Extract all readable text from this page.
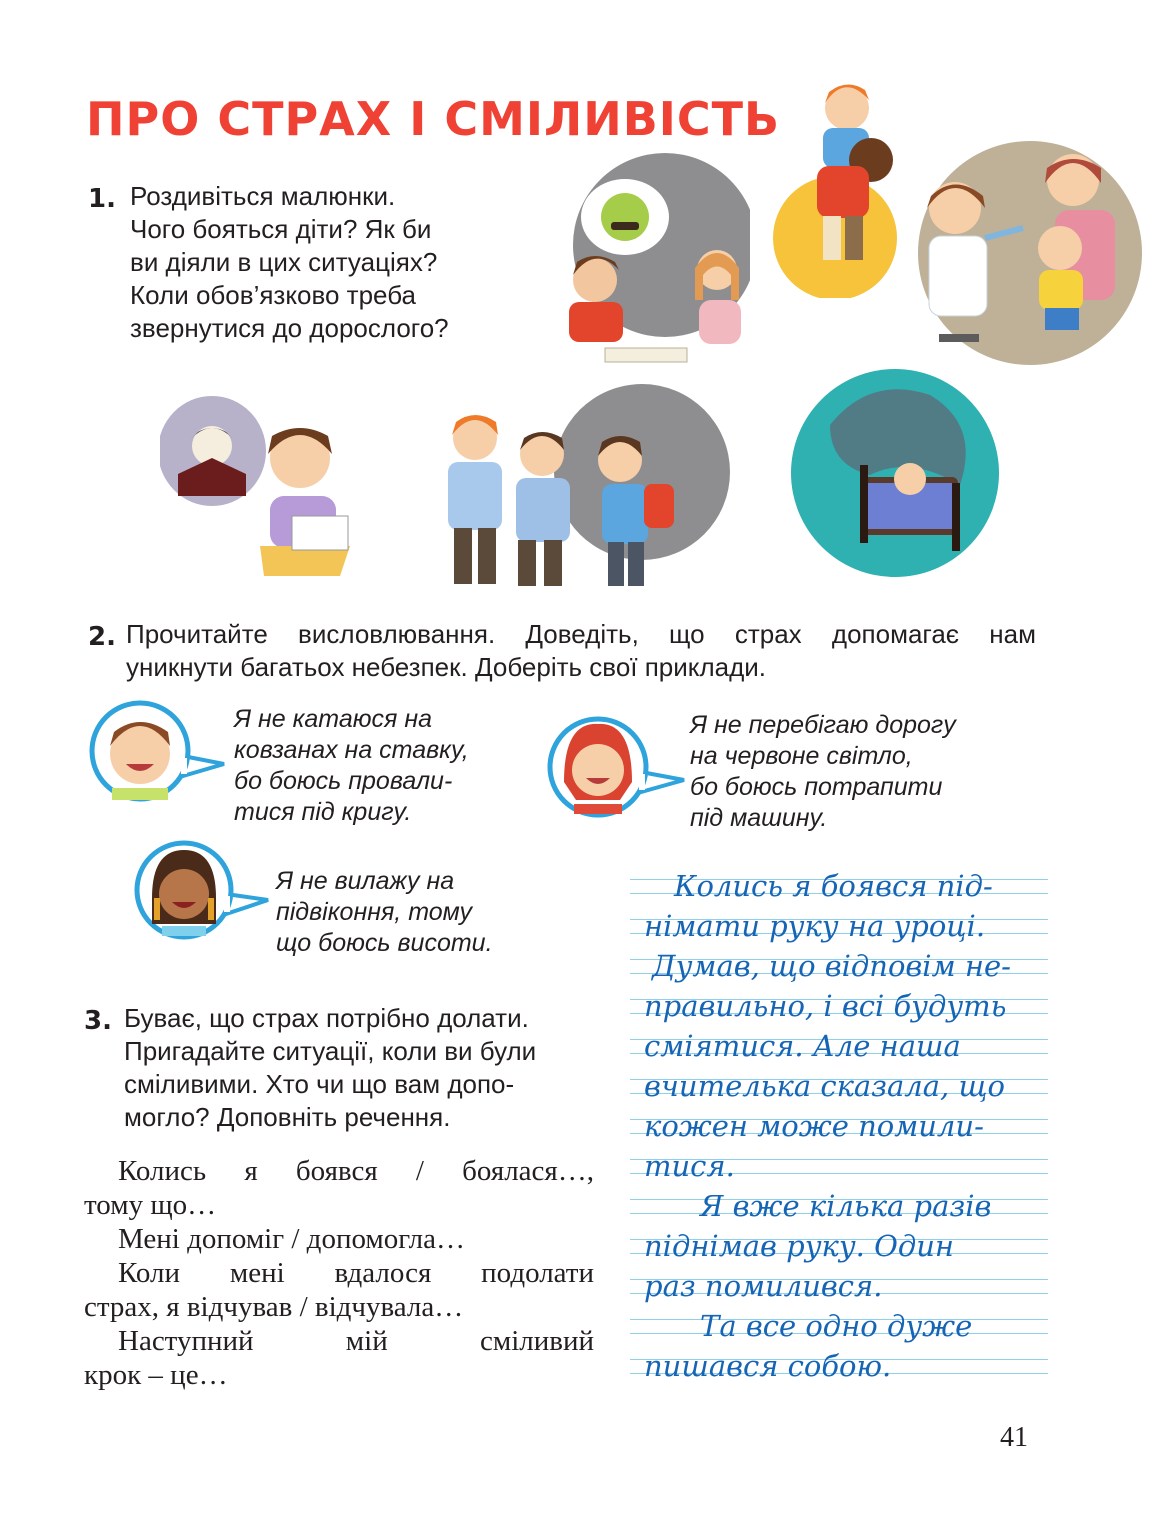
ПРО СТРАХ І СМІЛИВІСТЬ
1. Роздивіться малюнки.
Чого бояться діти? Як би
ви діяли в цих ситуаціях?
Коли обов’язково треба
звернутися до дорослого?
2. Прочитайте висловлювання. Доведіть, що страх допомагає нам
уникнути багатьох небезпек. Доберіть свої приклади.
Я не катаюся на
ковзанах на ставку,
бо боюсь провали-
тися під кригу.
Я не перебігаю дорогу
на червоне світло,
бо боюсь потрапити
під машину.
Я не вилажу на
підвіконня, тому
що боюсь висоти.
3. Буває, що страх потрібно долати.
Пригадайте ситуації, коли ви були
сміливими. Хто чи що вам допо-
могло? Доповніть речення.
Колись я боявся / боялася…,
тому що…
Мені допоміг / допомогла…
Коли мені вдалося подолати
страх, я відчував / відчувала…
Наступний мій сміливий
крок – це…
Колись я боявся під-
німати руку на уроці.
Думав, що відповім не-
правильно, і всі будуть
сміятися. Але наша
вчителька сказала, що
кожен може помили-
тися.
Я вже кілька разів
піднімав руку. Один
раз помилився.
Та все одно дуже
пишався собою.
41
